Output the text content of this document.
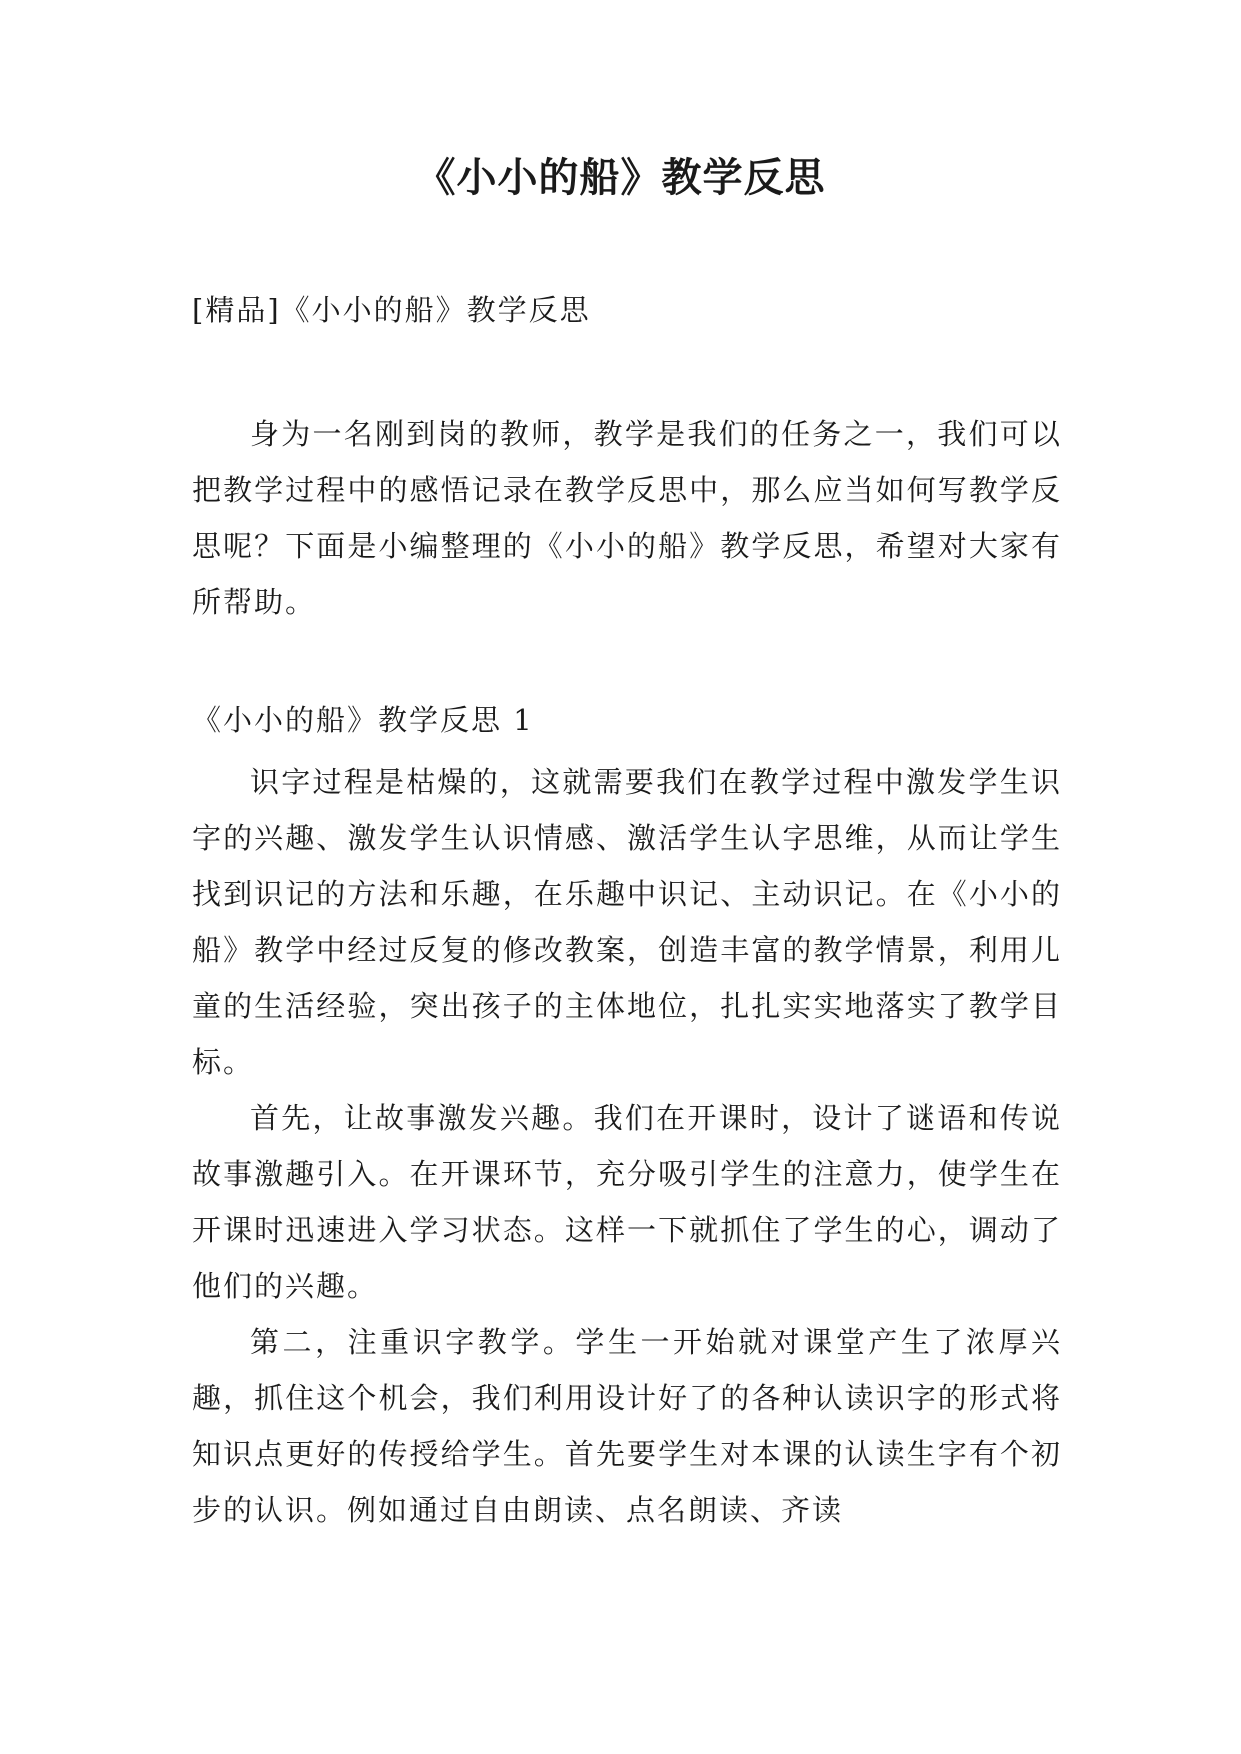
《小小的船》教学反思

[精品]《小小的船》教学反思

身为一名刚到岗的教师，教学是我们的任务之一，我们可以把教学过程中的感悟记录在教学反思中，那么应当如何写教学反思呢？下面是小编整理的《小小的船》教学反思，希望对大家有所帮助。

《小小的船》教学反思 1

识字过程是枯燥的，这就需要我们在教学过程中激发学生识字的兴趣、激发学生认识情感、激活学生认字思维，从而让学生找到识记的方法和乐趣，在乐趣中识记、主动识记。在《小小的船》教学中经过反复的修改教案，创造丰富的教学情景，利用儿童的生活经验，突出孩子的主体地位，扎扎实实地落实了教学目标。

首先，让故事激发兴趣。我们在开课时，设计了谜语和传说故事激趣引入。在开课环节，充分吸引学生的注意力，使学生在开课时迅速进入学习状态。这样一下就抓住了学生的心，调动了他们的兴趣。

第二，注重识字教学。学生一开始就对课堂产生了浓厚兴趣，抓住这个机会，我们利用设计好了的各种认读识字的形式将知识点更好的传授给学生。首先要学生对本课的认读生字有个初步的认识。例如通过自由朗读、点名朗读、齐读
